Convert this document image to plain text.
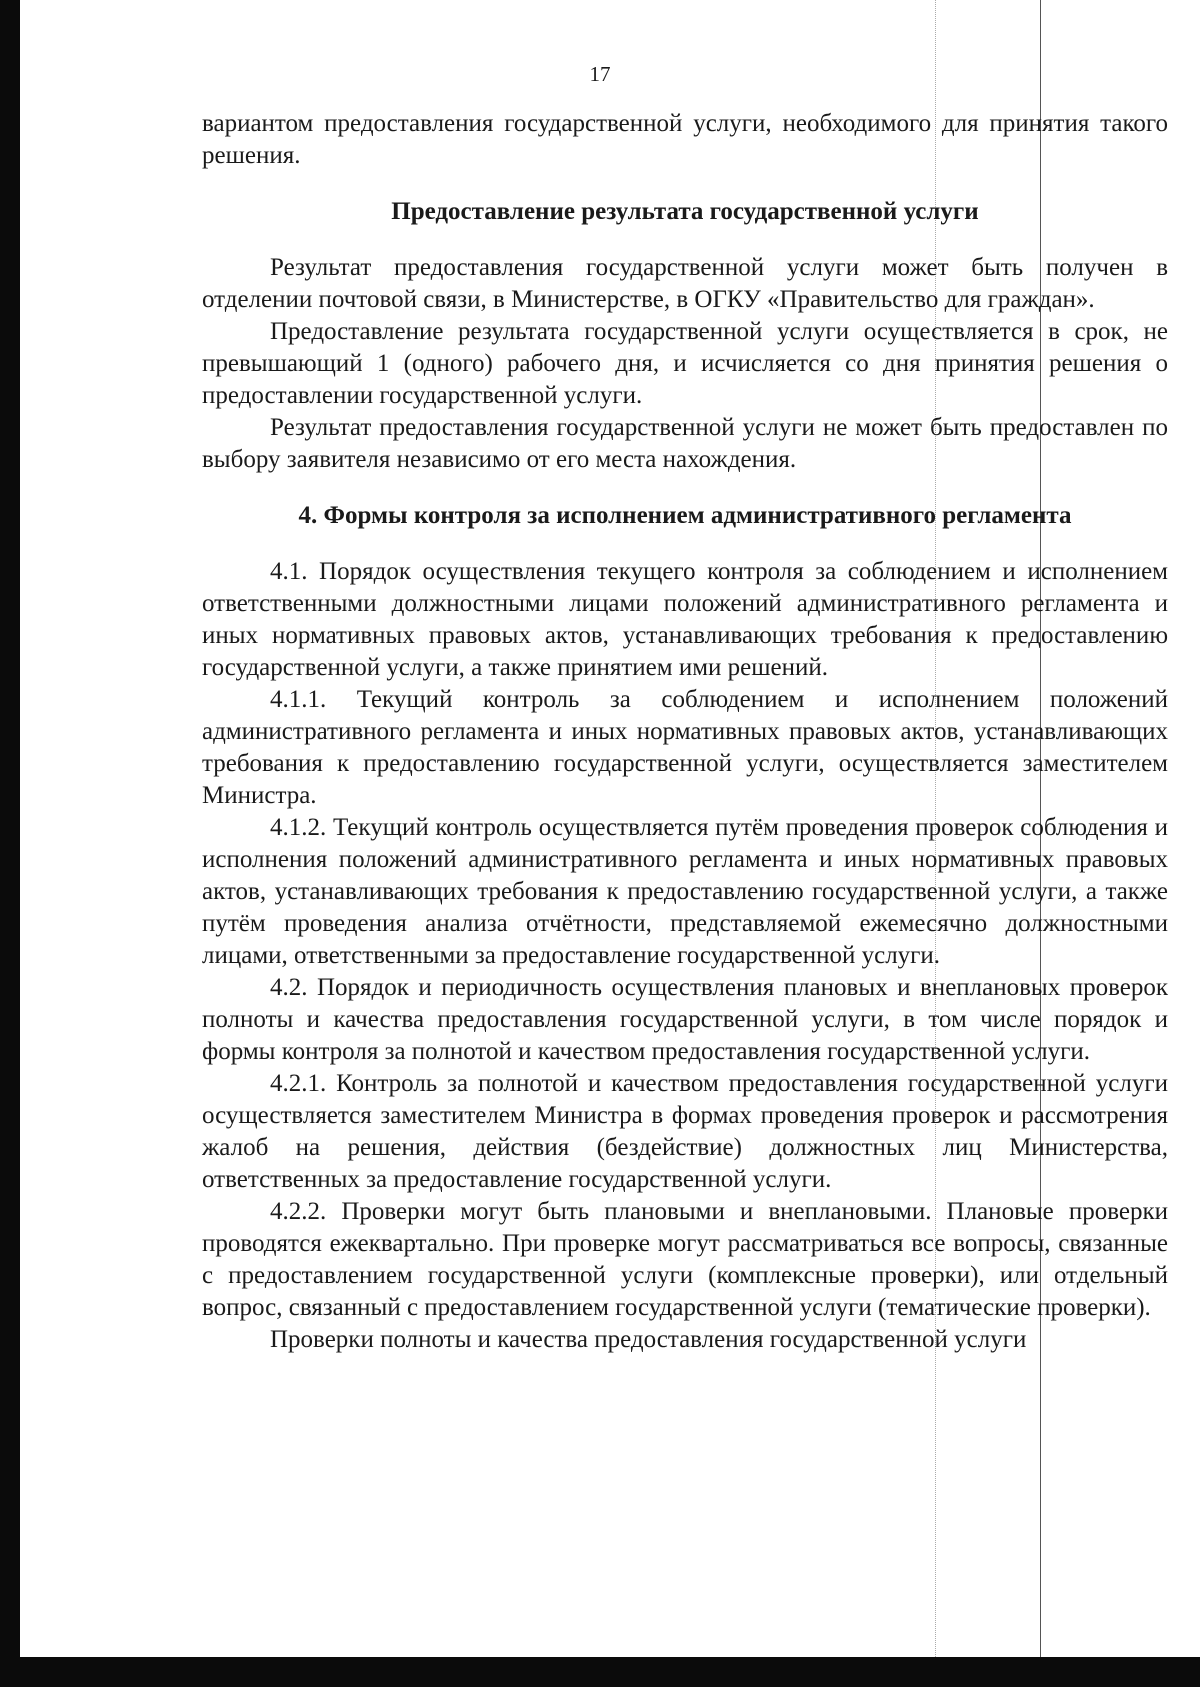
17

вариантом предоставления государственной услуги, необходимого для принятия такого решения.

Предоставление результата государственной услуги

Результат предоставления государственной услуги может быть получен в отделении почтовой связи, в Министерстве, в ОГКУ «Правительство для граждан».

Предоставление результата государственной услуги осуществляется в срок, не превышающий 1 (одного) рабочего дня, и исчисляется со дня принятия решения о предоставлении государственной услуги.

Результат предоставления государственной услуги не может быть предоставлен по выбору заявителя независимо от его места нахождения.

4. Формы контроля за исполнением административного регламента

4.1. Порядок осуществления текущего контроля за соблюдением и исполнением ответственными должностными лицами положений административного регламента и иных нормативных правовых актов, устанавливающих требования к предоставлению государственной услуги, а также принятием ими решений.

4.1.1. Текущий контроль за соблюдением и исполнением положений административного регламента и иных нормативных правовых актов, устанавливающих требования к предоставлению государственной услуги, осуществляется заместителем Министра.

4.1.2. Текущий контроль осуществляется путём проведения проверок соблюдения и исполнения положений административного регламента и иных нормативных правовых актов, устанавливающих требования к предоставлению государственной услуги, а также путём проведения анализа отчётности, представляемой ежемесячно должностными лицами, ответственными за предоставление государственной услуги.

4.2. Порядок и периодичность осуществления плановых и внеплановых проверок полноты и качества предоставления государственной услуги, в том числе порядок и формы контроля за полнотой и качеством предоставления государственной услуги.

4.2.1. Контроль за полнотой и качеством предоставления государственной услуги осуществляется заместителем Министра в формах проведения проверок и рассмотрения жалоб на решения, действия (бездействие) должностных лиц Министерства, ответственных за предоставление государственной услуги.

4.2.2. Проверки могут быть плановыми и внеплановыми. Плановые проверки проводятся ежеквартально. При проверке могут рассматриваться все вопросы, связанные с предоставлением государственной услуги (комплексные проверки), или отдельный вопрос, связанный с предоставлением государственной услуги (тематические проверки).

Проверки полноты и качества предоставления государственной услуги
